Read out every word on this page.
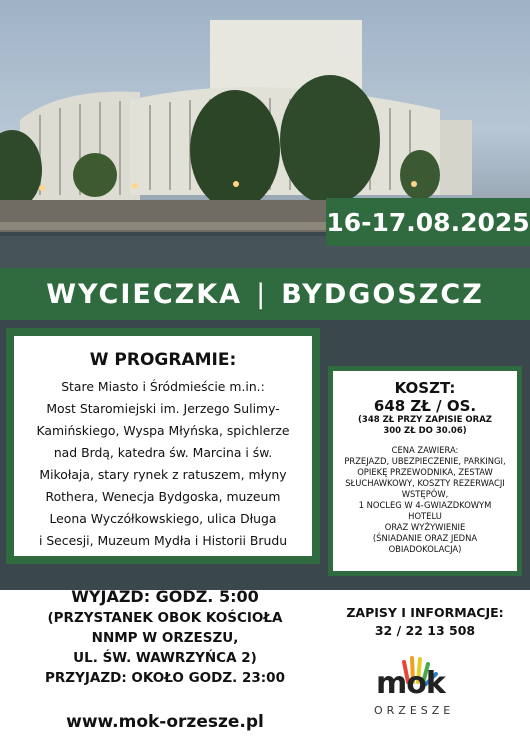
16-17.08.2025
WYCIECZKA | BYDGOSZCZ
W PROGRAMIE:
Stare Miasto i Śródmieście m.in.:
Most Staromiejski im. Jerzego Sulimy-
Kamińskiego, Wyspa Młyńska, spichlerze
nad Brdą, katedra św. Marcina i św.
Mikołaja, stary rynek z ratuszem, młyny
Rothera, Wenecja Bydgoska, muzeum
Leona Wyczółkowskiego, ulica Długa
i Secesji, Muzeum Mydła i Historii Brudu
KOSZT:
648 ZŁ / OS.
(348 ZŁ PRZY ZAPISIE ORAZ
300 ZŁ DO 30.06)
CENA ZAWIERA:
PRZEJAZD, UBEZPIECZENIE, PARKINGI,
OPIEKĘ PRZEWODNIKA, ZESTAW
SŁUCHAWKOWY, KOSZTY REZERWACJI
WSTĘPÓW,
1 NOCLEG W 4-GWIAZDKOWYM
HOTELU
ORAZ WYŻYWIENIE
(ŚNIADANIE ORAZ JEDNA
OBIADOKOLACJA)
WYJAZD: GODZ. 5:00
(PRZYSTANEK OBOK KOŚCIOŁA
NNMP W ORZESZU,
UL. ŚW. WAWRZYŃCA 2)
PRZYJAZD: OKOŁO GODZ. 23:00
www.mok-orzesze.pl
ZAPISY I INFORMACJE:
32 / 22 13 508
mok
ORZESZE
